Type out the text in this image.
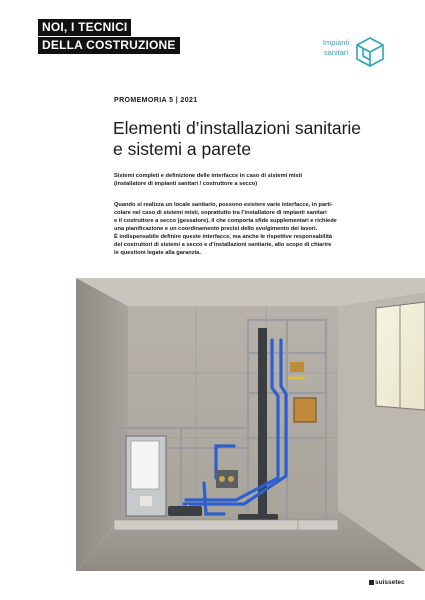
NOI, I TECNICI
DELLA COSTRUZIONE	Impianti
sanitari
PROMEMORIA 5 | 2021
Elementi d’installazioni sanitarie
e sistemi a parete

Sistemi completi e definizione delle interfacce in caso di sistemi misti
(installatore di impianti sanitari / costruttore a secco)

Quando si realizza un locale sanitario, possono esistere varie interfacce, in parti-
colare nel caso di sistemi misti, soprattutto tra l’installatore di impianti sanitari
e il costruttore a secco (gessatore), il che comporta sfide supplementari e richiede
una pianificazione e un coordinamento precisi dello svolgimento dei lavori.
È indispensabile definire queste interfacce, ma anche le rispettive responsabilità
dei costruttori di sistemi a secco e d’installazioni sanitarie, allo scopo di chiarire
le questioni legate alla garanzia.

suissetec
